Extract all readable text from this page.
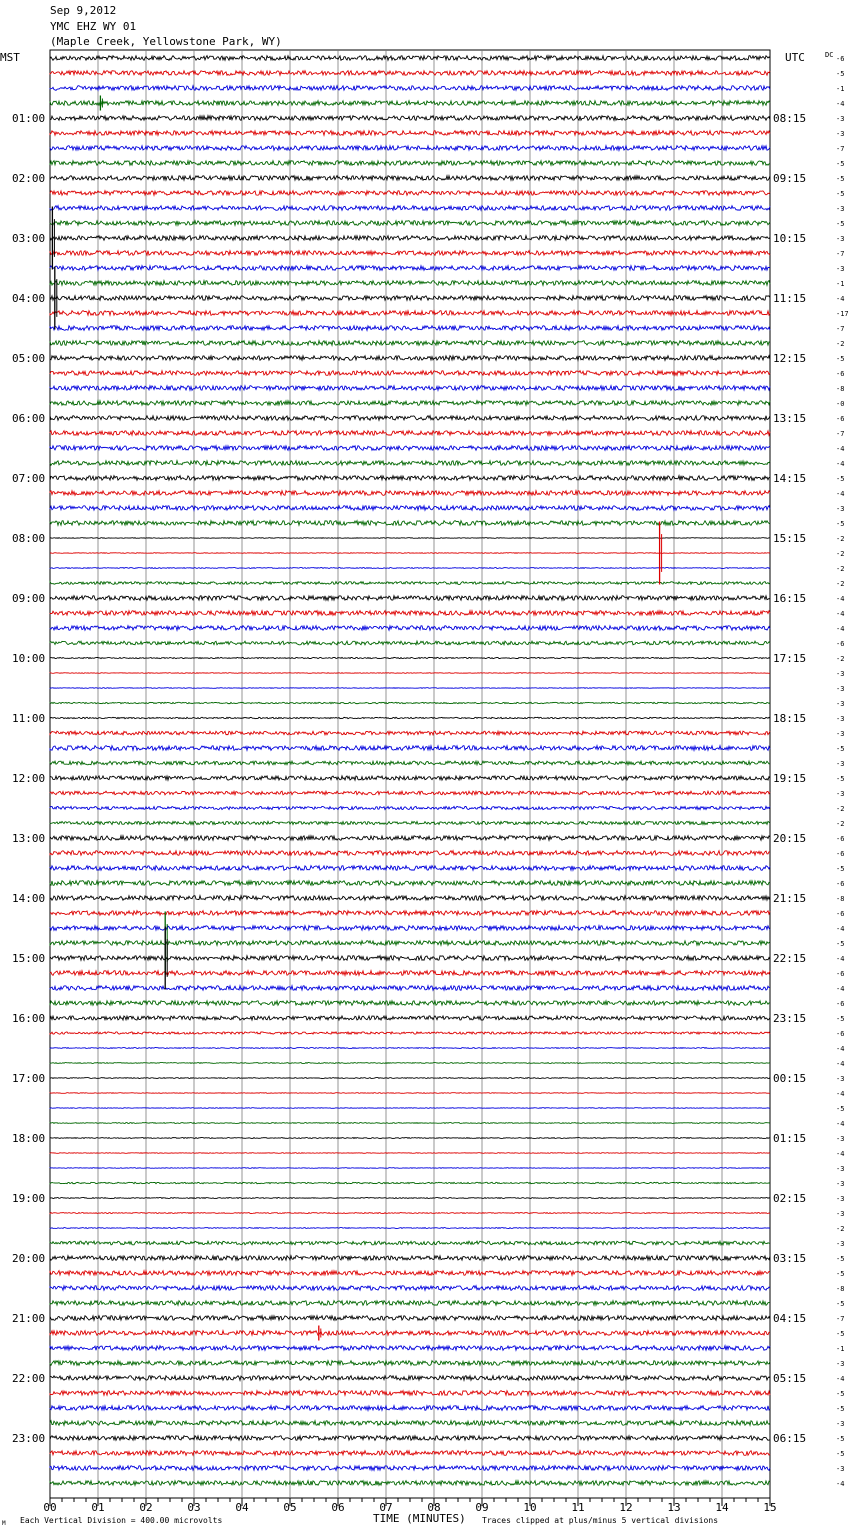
01:00
02:00
03:00
04:00
05:00
06:00
07:00
08:00
09:00
10:00
11:00
12:00
13:00
14:00
15:00
16:00
17:00
18:00
19:00
20:00
21:00
22:00
23:00
08:15
09:15
10:15
11:15
12:15
13:15
14:15
15:15
16:15
17:15
18:15
19:15
20:15
21:15
22:15
23:15
00:15
01:15
02:15
03:15
04:15
05:15
06:15
-6
-5
-1
-4
-3
-3
-7
-5
-5
-5
-3
-5
-3
-7
-3
-1
-4
-17
-7
-2
-5
-6
-8
-0
-6
-7
-4
-4
-5
-4
-3
-5
-2
-2
-2
-2
-4
-4
-4
-6
-2
-3
-3
-3
-3
-3
-5
-3
-5
-3
-2
-2
-6
-6
-5
-6
-8
-6
-4
-5
-4
-6
-4
-6
-5
-6
-4
-4
-3
-4
-5
-4
-3
-4
-3
-3
-3
-3
-2
-3
-5
-5
-8
-5
-7
-5
-1
-3
-4
-5
-5
-3
-5
-5
-3
-4
00	01	02	03	04	05	06	07	08	09	10	11	12	13	14	15
MST	UTC	DC
TIME (MINUTES)
Each Vertical Division = 400.00 microvolts	Traces clipped at plus/minus 5 vertical divisions
M
Sep 9,2012
YMC EHZ WY 01
(Maple Creek, Yellowstone Park, WY)
